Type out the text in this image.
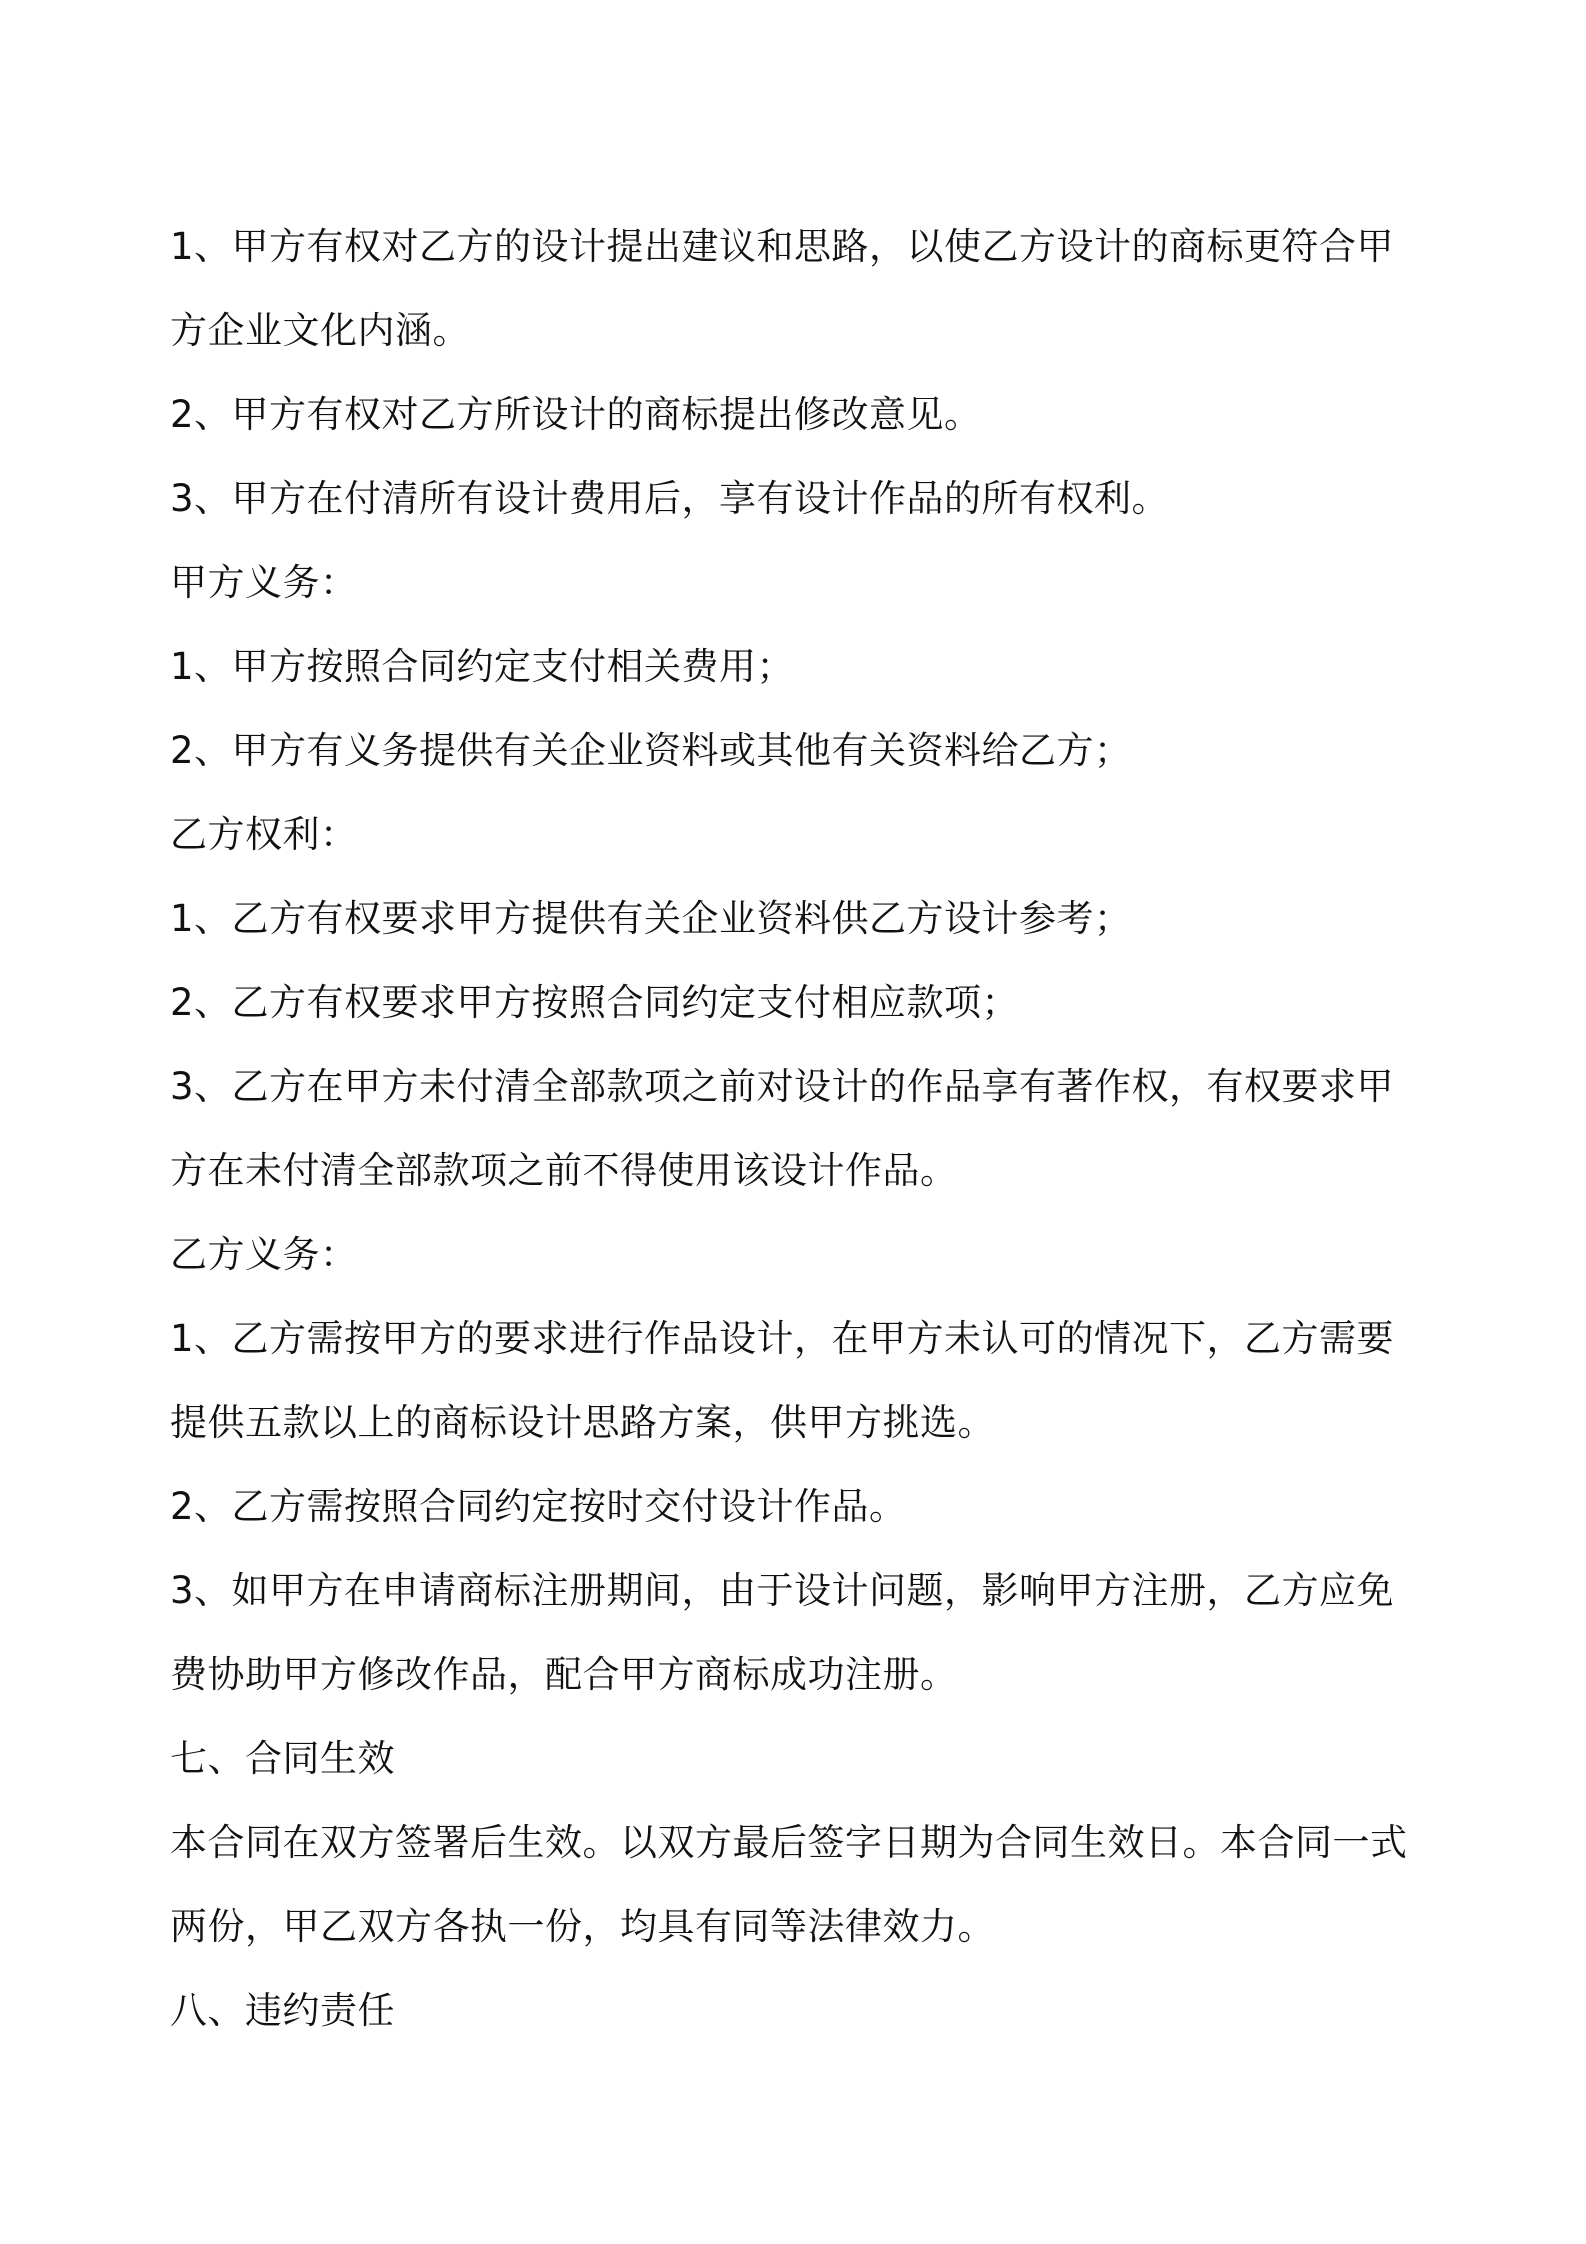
1、甲方有权对乙方的设计提出建议和思路，以使乙方设计的商标更符合甲
方企业文化内涵。
2、甲方有权对乙方所设计的商标提出修改意见。
3、甲方在付清所有设计费用后，享有设计作品的所有权利。
甲方义务：
1、甲方按照合同约定支付相关费用；
2、甲方有义务提供有关企业资料或其他有关资料给乙方；
乙方权利：
1、乙方有权要求甲方提供有关企业资料供乙方设计参考；
2、乙方有权要求甲方按照合同约定支付相应款项；
3、乙方在甲方未付清全部款项之前对设计的作品享有著作权，有权要求甲
方在未付清全部款项之前不得使用该设计作品。
乙方义务：
1、乙方需按甲方的要求进行作品设计，在甲方未认可的情况下，乙方需要
提供五款以上的商标设计思路方案，供甲方挑选。
2、乙方需按照合同约定按时交付设计作品。
3、如甲方在申请商标注册期间，由于设计问题，影响甲方注册，乙方应免
费协助甲方修改作品，配合甲方商标成功注册。
七、合同生效
本合同在双方签署后生效。以双方最后签字日期为合同生效日。本合同一式
两份，甲乙双方各执一份，均具有同等法律效力。
八、违约责任
